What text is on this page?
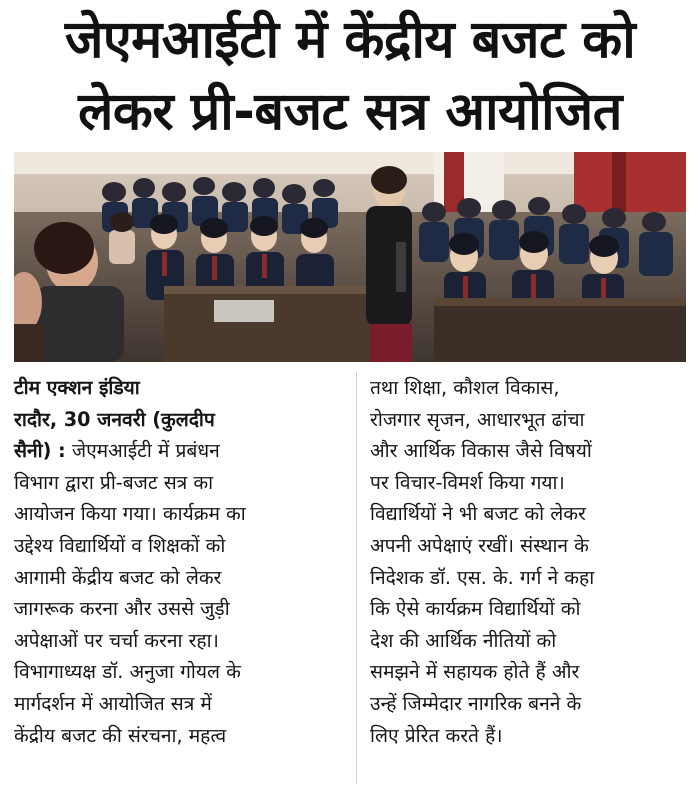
जेएमआईटी में केंद्रीय बजट को
लेकर प्री-बजट सत्र आयोजित
टीम एक्शन इंडिया
रादौर, 30 जनवरी (कुलदीप
सैनी) : जेएमआईटी में प्रबंधन
विभाग द्वारा प्री-बजट सत्र का
आयोजन किया गया। कार्यक्रम का
उद्देश्य विद्यार्थियों व शिक्षकों को
आगामी केंद्रीय बजट को लेकर
जागरूक करना और उससे जुड़ी
अपेक्षाओं पर चर्चा करना रहा।
विभागाध्यक्ष डॉ. अनुजा गोयल के
मार्गदर्शन में आयोजित सत्र में
केंद्रीय बजट की संरचना, महत्व
तथा शिक्षा, कौशल विकास,
रोजगार सृजन, आधारभूत ढांचा
और आर्थिक विकास जैसे विषयों
पर विचार-विमर्श किया गया।
विद्यार्थियों ने भी बजट को लेकर
अपनी अपेक्षाएं रखीं। संस्थान के
निदेशक डॉ. एस. के. गर्ग ने कहा
कि ऐसे कार्यक्रम विद्यार्थियों को
देश की आर्थिक नीतियों को
समझने में सहायक होते हैं और
उन्हें जिम्मेदार नागरिक बनने के
लिए प्रेरित करते हैं।
